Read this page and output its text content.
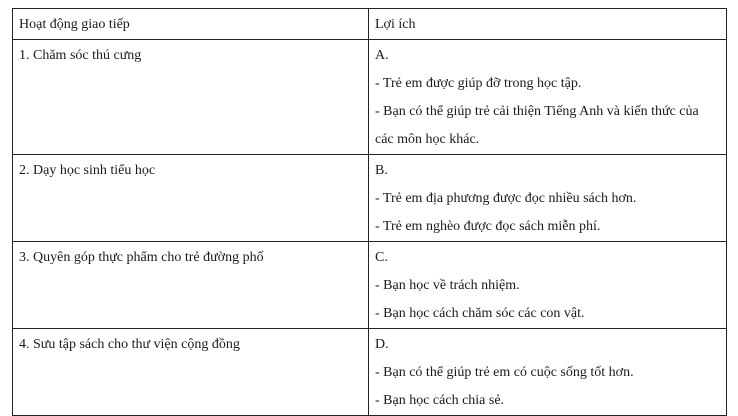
Hoạt động giao tiếp	Lợi ích

1. Chăm sóc thú cưng	A.
- Trẻ em được giúp đỡ trong học tập.
- Bạn có thể giúp trẻ cải thiện Tiếng Anh và kiến thức của các môn học khác.

2. Dạy học sinh tiểu học	B.
- Trẻ em địa phương được đọc nhiều sách hơn.
- Trẻ em nghèo được đọc sách miễn phí.

3. Quyên góp thực phẩm cho trẻ đường phố	C.
- Bạn học về trách nhiệm.
- Bạn học cách chăm sóc các con vật.

4. Sưu tập sách cho thư viện cộng đồng	D.
- Bạn có thể giúp trẻ em có cuộc sống tốt hơn.
- Bạn học cách chia sẻ.
